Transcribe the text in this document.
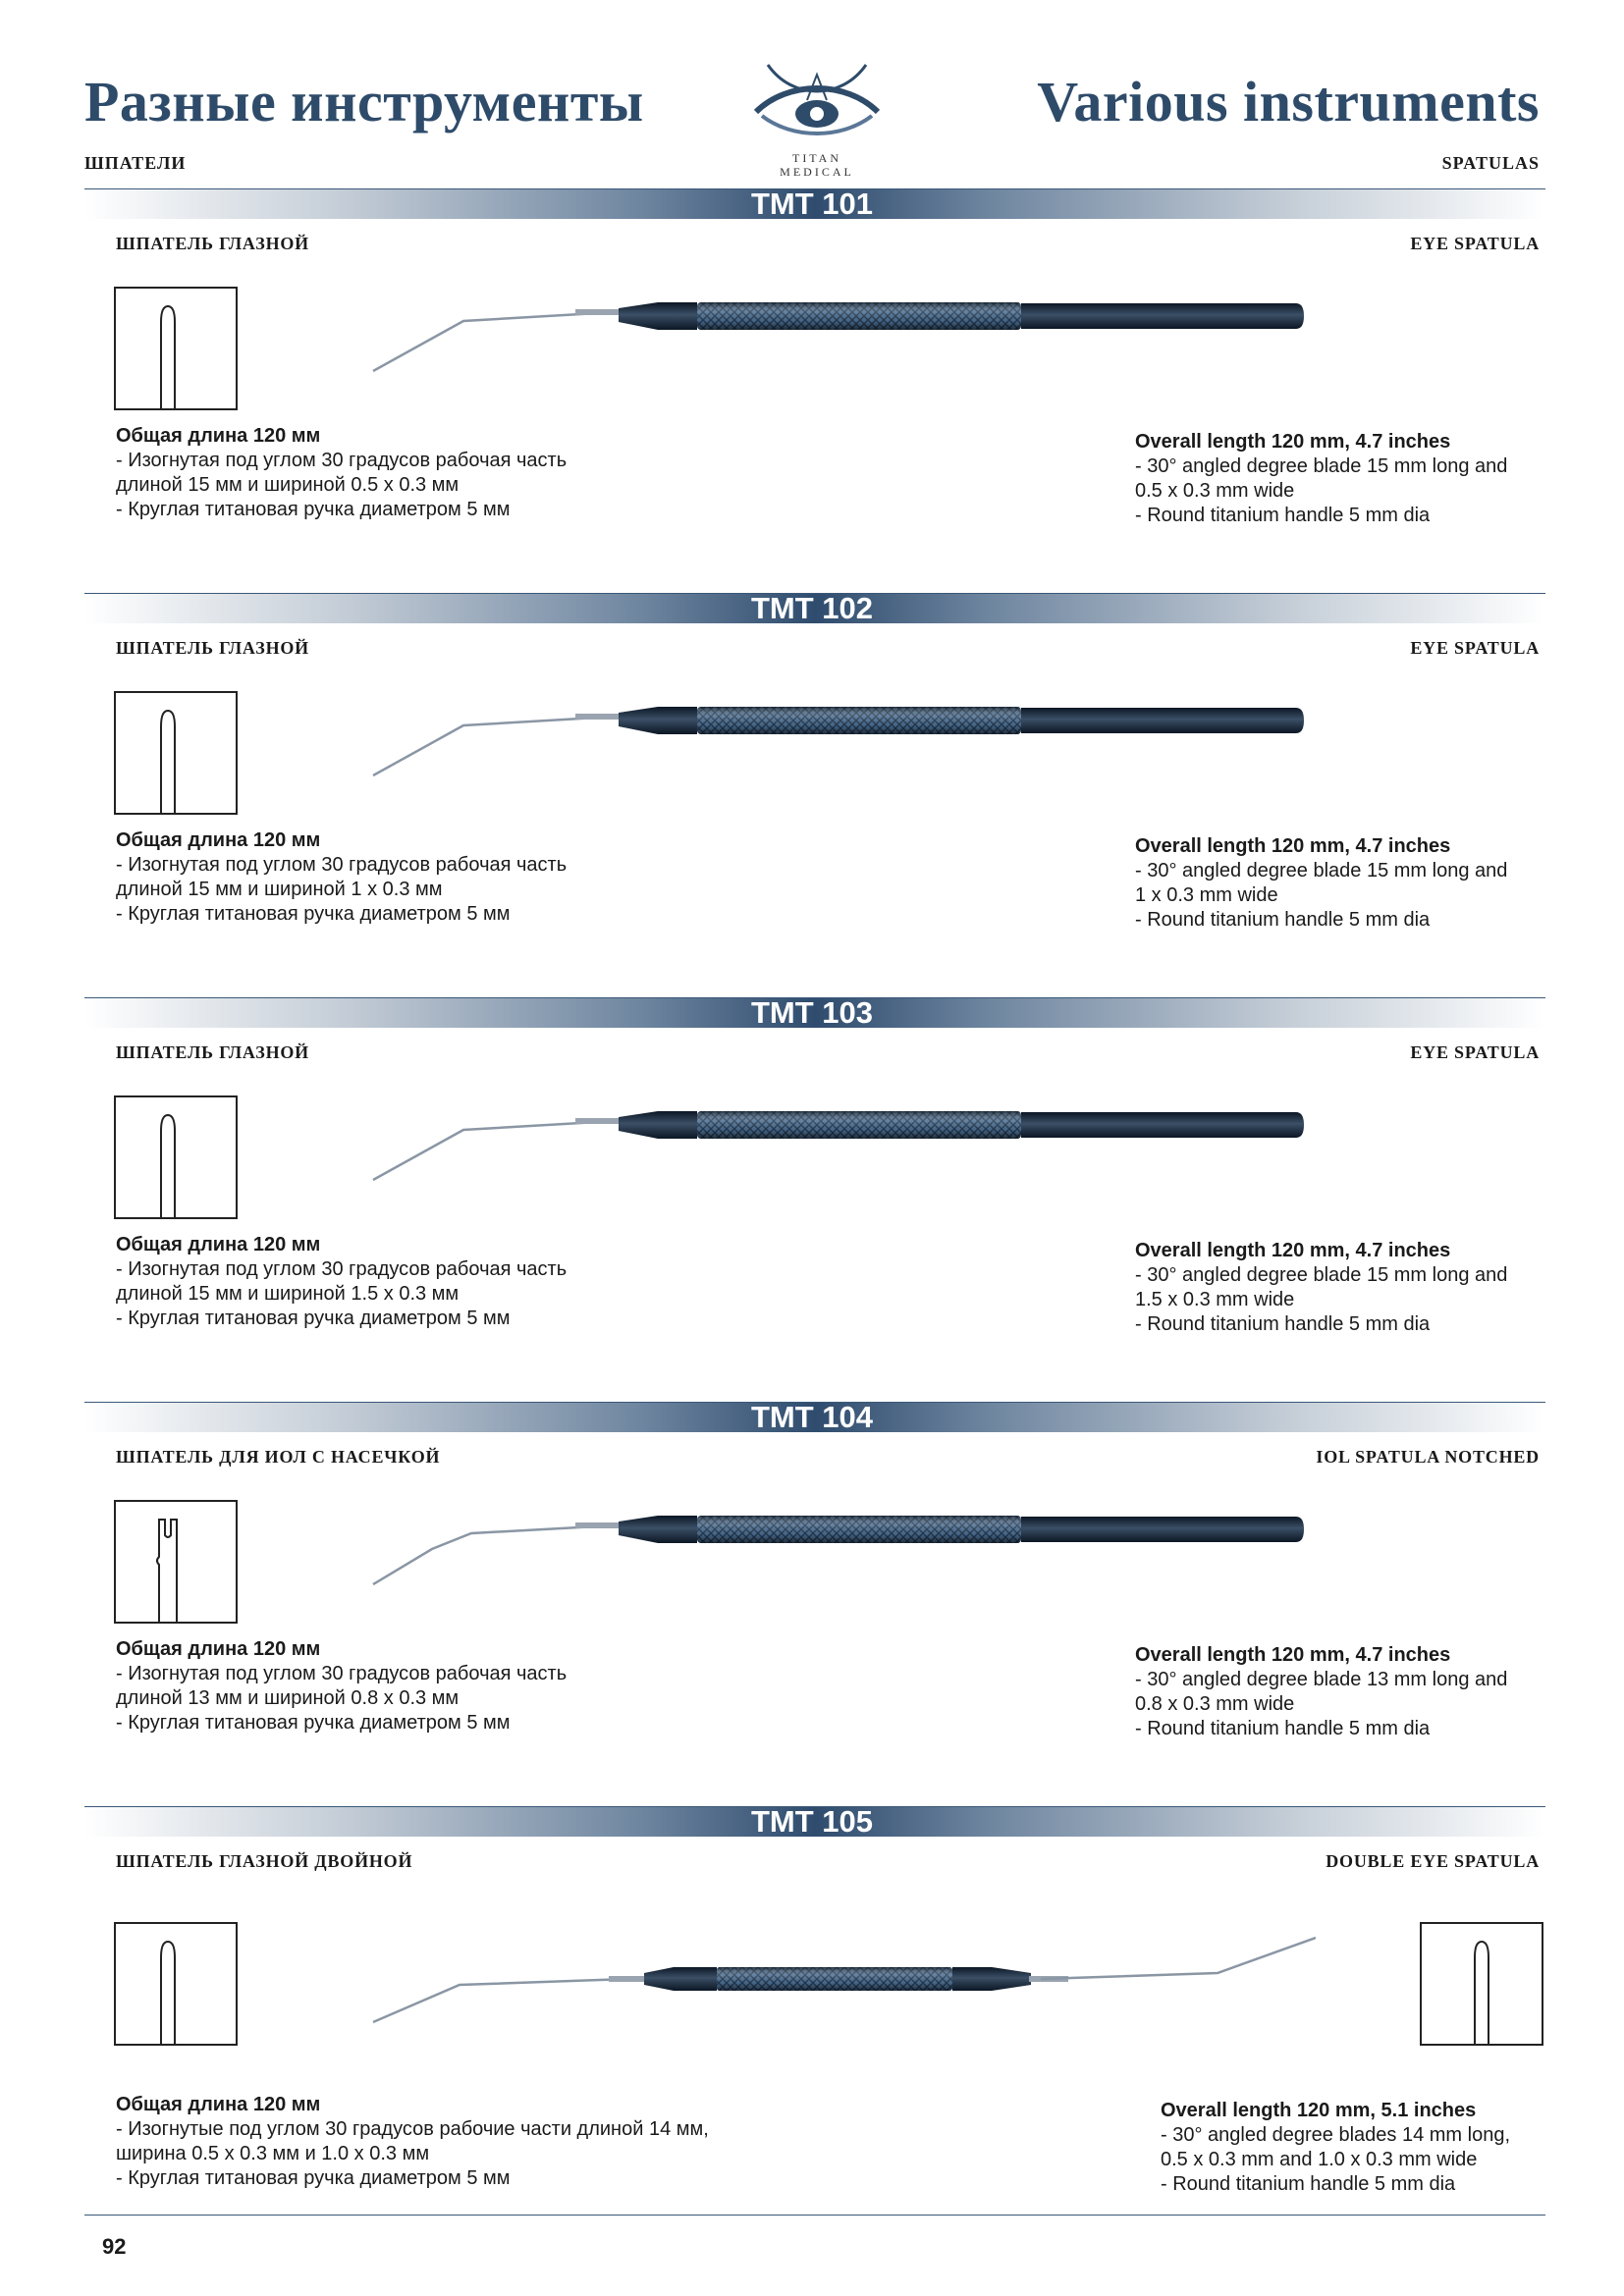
Разные инструменты	Various instruments
ШПАТЕЛИ	SPATULAS
TITAN
MEDICAL
TMT 101
ШПАТЕЛЬ ГЛАЗНОЙ	EYE SPATULA
Общая длина 120 мм
- Изогнутая под углом 30 градусов рабочая часть
длиной 15 мм и шириной 0.5 x 0.3 мм
- Круглая титановая ручка диаметром 5 мм
Overall length 120 mm, 4.7 inches
- 30° angled degree blade 15 mm long and
0.5 x 0.3 mm wide
- Round titanium handle 5 mm dia
TMT 102
ШПАТЕЛЬ ГЛАЗНОЙ	EYE SPATULA
Общая длина 120 мм
- Изогнутая под углом 30 градусов рабочая часть
длиной 15 мм и шириной 1 x 0.3 мм
- Круглая титановая ручка диаметром 5 мм
Overall length 120 mm, 4.7 inches
- 30° angled degree blade 15 mm long and
1 x 0.3 mm wide
- Round titanium handle 5 mm dia
TMT 103
ШПАТЕЛЬ ГЛАЗНОЙ	EYE SPATULA
Общая длина 120 мм
- Изогнутая под углом 30 градусов рабочая часть
длиной 15 мм и шириной 1.5 x 0.3 мм
- Круглая титановая ручка диаметром 5 мм
Overall length 120 mm, 4.7 inches
- 30° angled degree blade 15 mm long and
1.5 x 0.3 mm wide
- Round titanium handle 5 mm dia
TMT 104
ШПАТЕЛЬ ДЛЯ ИОЛ С НАСЕЧКОЙ	IOL SPATULA NOTCHED
Общая длина 120 мм
- Изогнутая под углом 30 градусов рабочая часть
длиной 13 мм и шириной 0.8 x 0.3 мм
- Круглая титановая ручка диаметром 5 мм
Overall length 120 mm, 4.7 inches
- 30° angled degree blade 13 mm long and
0.8 x 0.3 mm wide
- Round titanium handle 5 mm dia
TMT 105
ШПАТЕЛЬ ГЛАЗНОЙ ДВОЙНОЙ	DOUBLE EYE SPATULA
Общая длина 120 мм
- Изогнутые под углом 30 градусов рабочие части длиной 14 мм,
ширина 0.5 x 0.3 мм и 1.0 x 0.3 мм
- Круглая титановая ручка диаметром 5 мм
Overall length 120 mm, 5.1 inches
- 30° angled degree blades 14 mm long,
0.5 x 0.3 mm and 1.0 x 0.3 mm wide
- Round titanium handle 5 mm dia
92
